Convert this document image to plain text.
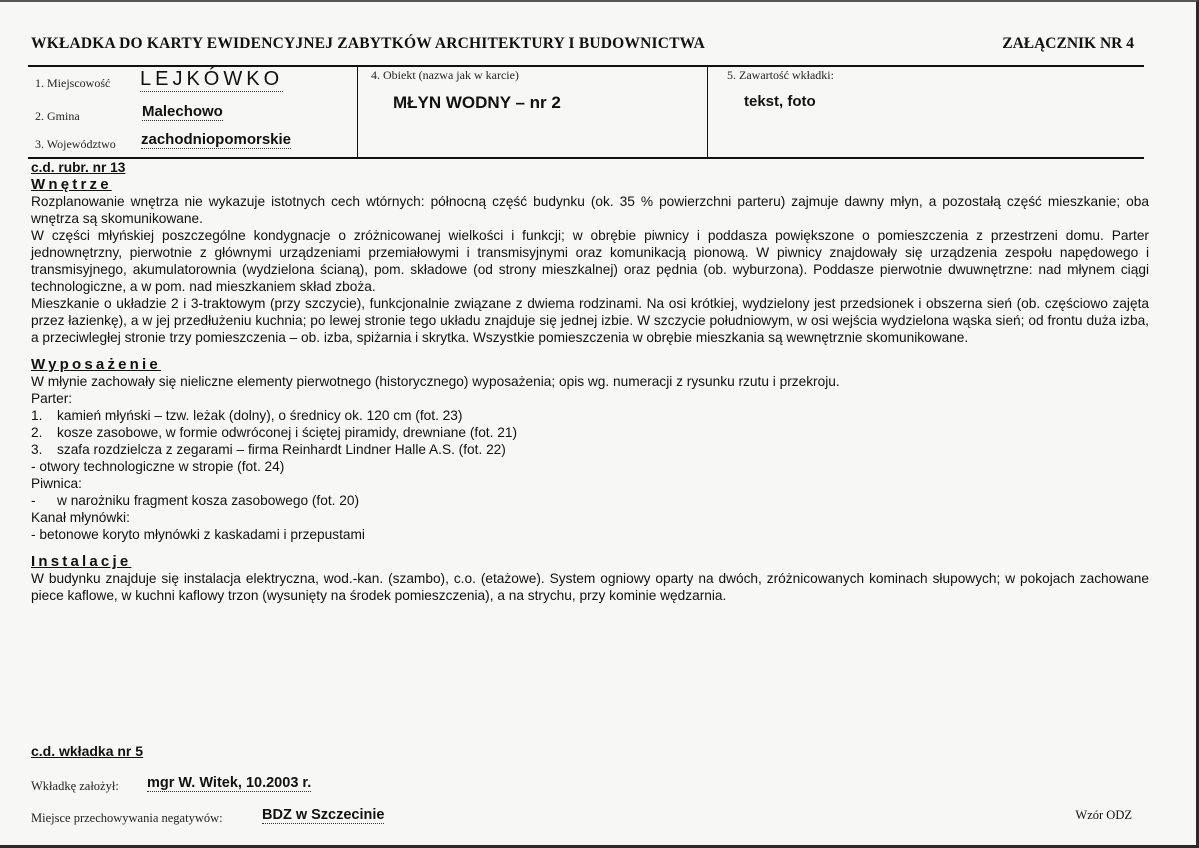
WKŁADKA DO KARTY EWIDENCYJNEJ ZABYTKÓW ARCHITEKTURY I BUDOWNICTWA	ZAŁĄCZNIK NR 4
1. Miejscowość LEJKÓWKO
2. Gmina	Malechowo
3. Województwo zachodniopomorskie
4. Obiekt (nazwa jak w karcie)
MŁYN WODNY – nr 2
5. Zawartość wkładki:
tekst, foto
c.d. rubr. nr 13
Wnętrze

Rozplanowanie wnętrza nie wykazuje istotnych cech wtórnych: północną część budynku (ok. 35 % powierzchni parteru) zajmuje dawny młyn, a pozostałą część mieszkanie; oba wnętrza są skomunikowane.

W części młyńskiej poszczególne kondygnacje o zróżnicowanej wielkości i funkcji; w obrębie piwnicy i poddasza powiększone o pomieszczenia z przestrzeni domu. Parter jednownętrzny, pierwotnie z głównymi urządzeniami przemiałowymi i transmisyjnymi oraz komunikacją pionową. W piwnicy znajdowały się urządzenia zespołu napędowego i transmisyjnego, akumulatorownia (wydzielona ścianą), pom. składowe (od strony mieszkalnej) oraz pędnia (ob. wyburzona). Poddasze pierwotnie dwuwnętrzne: nad młynem ciągi technologiczne, a w pom. nad mieszkaniem skład zboża.

Mieszkanie o układzie 2 i 3-traktowym (przy szczycie), funkcjonalnie związane z dwiema rodzinami. Na osi krótkiej, wydzielony jest przedsionek i obszerna sień (ob. częściowo zajęta przez łazienkę), a w jej przedłużeniu kuchnia; po lewej stronie tego układu znajduje się jednej izbie. W szczycie południowym, w osi wejścia wydzielona wąska sień; od frontu duża izba, a przeciwległej stronie trzy pomieszczenia – ob. izba, spiżarnia i skrytka. Wszystkie pomieszczenia w obrębie mieszkania są wewnętrznie skomunikowane.

Wyposażenie

W młynie zachowały się nieliczne elementy pierwotnego (historycznego) wyposażenia; opis wg. numeracji z rysunku rzutu i przekroju.

Parter:
1.	kamień młyński – tzw. leżak (dolny), o średnicy ok. 120 cm (fot. 23)
2.	kosze zasobowe, w formie odwróconej i ściętej piramidy, drewniane (fot. 21)
3.	szafa rozdzielcza z zegarami – firma Reinhardt Lindner Halle A.S. (fot. 22)
- otwory technologiczne w stropie (fot. 24)
Piwnica:
-	w narożniku fragment kosza zasobowego (fot. 20)
Kanał młynówki:
- betonowe koryto młynówki z kaskadami i przepustami
Instalacje

W budynku znajduje się instalacja elektryczna, wod.-kan. (szambo), c.o. (etażowe). System ogniowy oparty na dwóch, zróżnicowanych kominach słupowych; w pokojach zachowane piece kaflowe, w kuchni kaflowy trzon (wysunięty na środek pomieszczenia), a na strychu, przy kominie wędzarnia.

c.d. wkładka nr 5
Wkładkę założył: mgr W. Witek, 10.2003 r.
Miejsce przechowywania negatywów:	BDZ w Szczecinie	Wzór ODZ
